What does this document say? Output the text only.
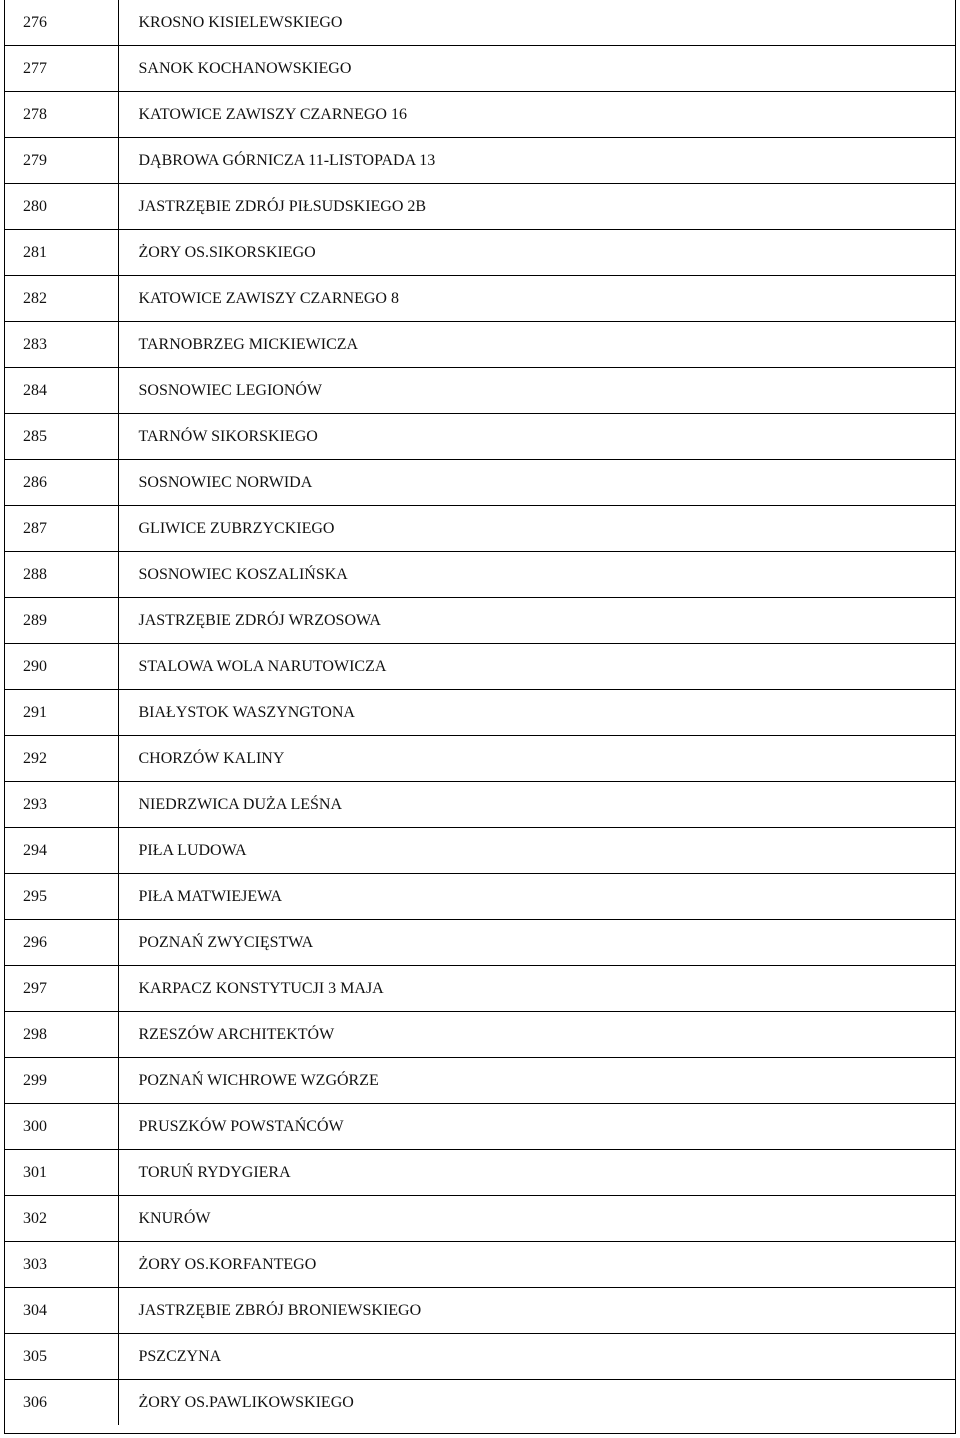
276	KROSNO KISIELEWSKIEGO
277	SANOK KOCHANOWSKIEGO
278	KATOWICE ZAWISZY CZARNEGO 16
279	DĄBROWA GÓRNICZA 11-LISTOPADA 13
280	JASTRZĘBIE ZDRÓJ PIŁSUDSKIEGO 2B
281	ŻORY OS.SIKORSKIEGO
282	KATOWICE ZAWISZY CZARNEGO 8
283	TARNOBRZEG MICKIEWICZA
284	SOSNOWIEC LEGIONÓW
285	TARNÓW SIKORSKIEGO
286	SOSNOWIEC NORWIDA
287	GLIWICE ZUBRZYCKIEGO
288	SOSNOWIEC KOSZALIŃSKA
289	JASTRZĘBIE ZDRÓJ WRZOSOWA
290	STALOWA WOLA NARUTOWICZA
291	BIAŁYSTOK WASZYNGTONA
292	CHORZÓW KALINY
293	NIEDRZWICA DUŻA LEŚNA
294	PIŁA LUDOWA
295	PIŁA MATWIEJEWA
296	POZNAŃ ZWYCIĘSTWA
297	KARPACZ KONSTYTUCJI 3 MAJA
298	RZESZÓW ARCHITEKTÓW
299	POZNAŃ WICHROWE WZGÓRZE
300	PRUSZKÓW POWSTAŃCÓW
301	TORUŃ RYDYGIERA
302	KNURÓW
303	ŻORY OS.KORFANTEGO
304	JASTRZĘBIE ZBRÓJ BRONIEWSKIEGO
305	PSZCZYNA
306	ŻORY OS.PAWLIKOWSKIEGO
